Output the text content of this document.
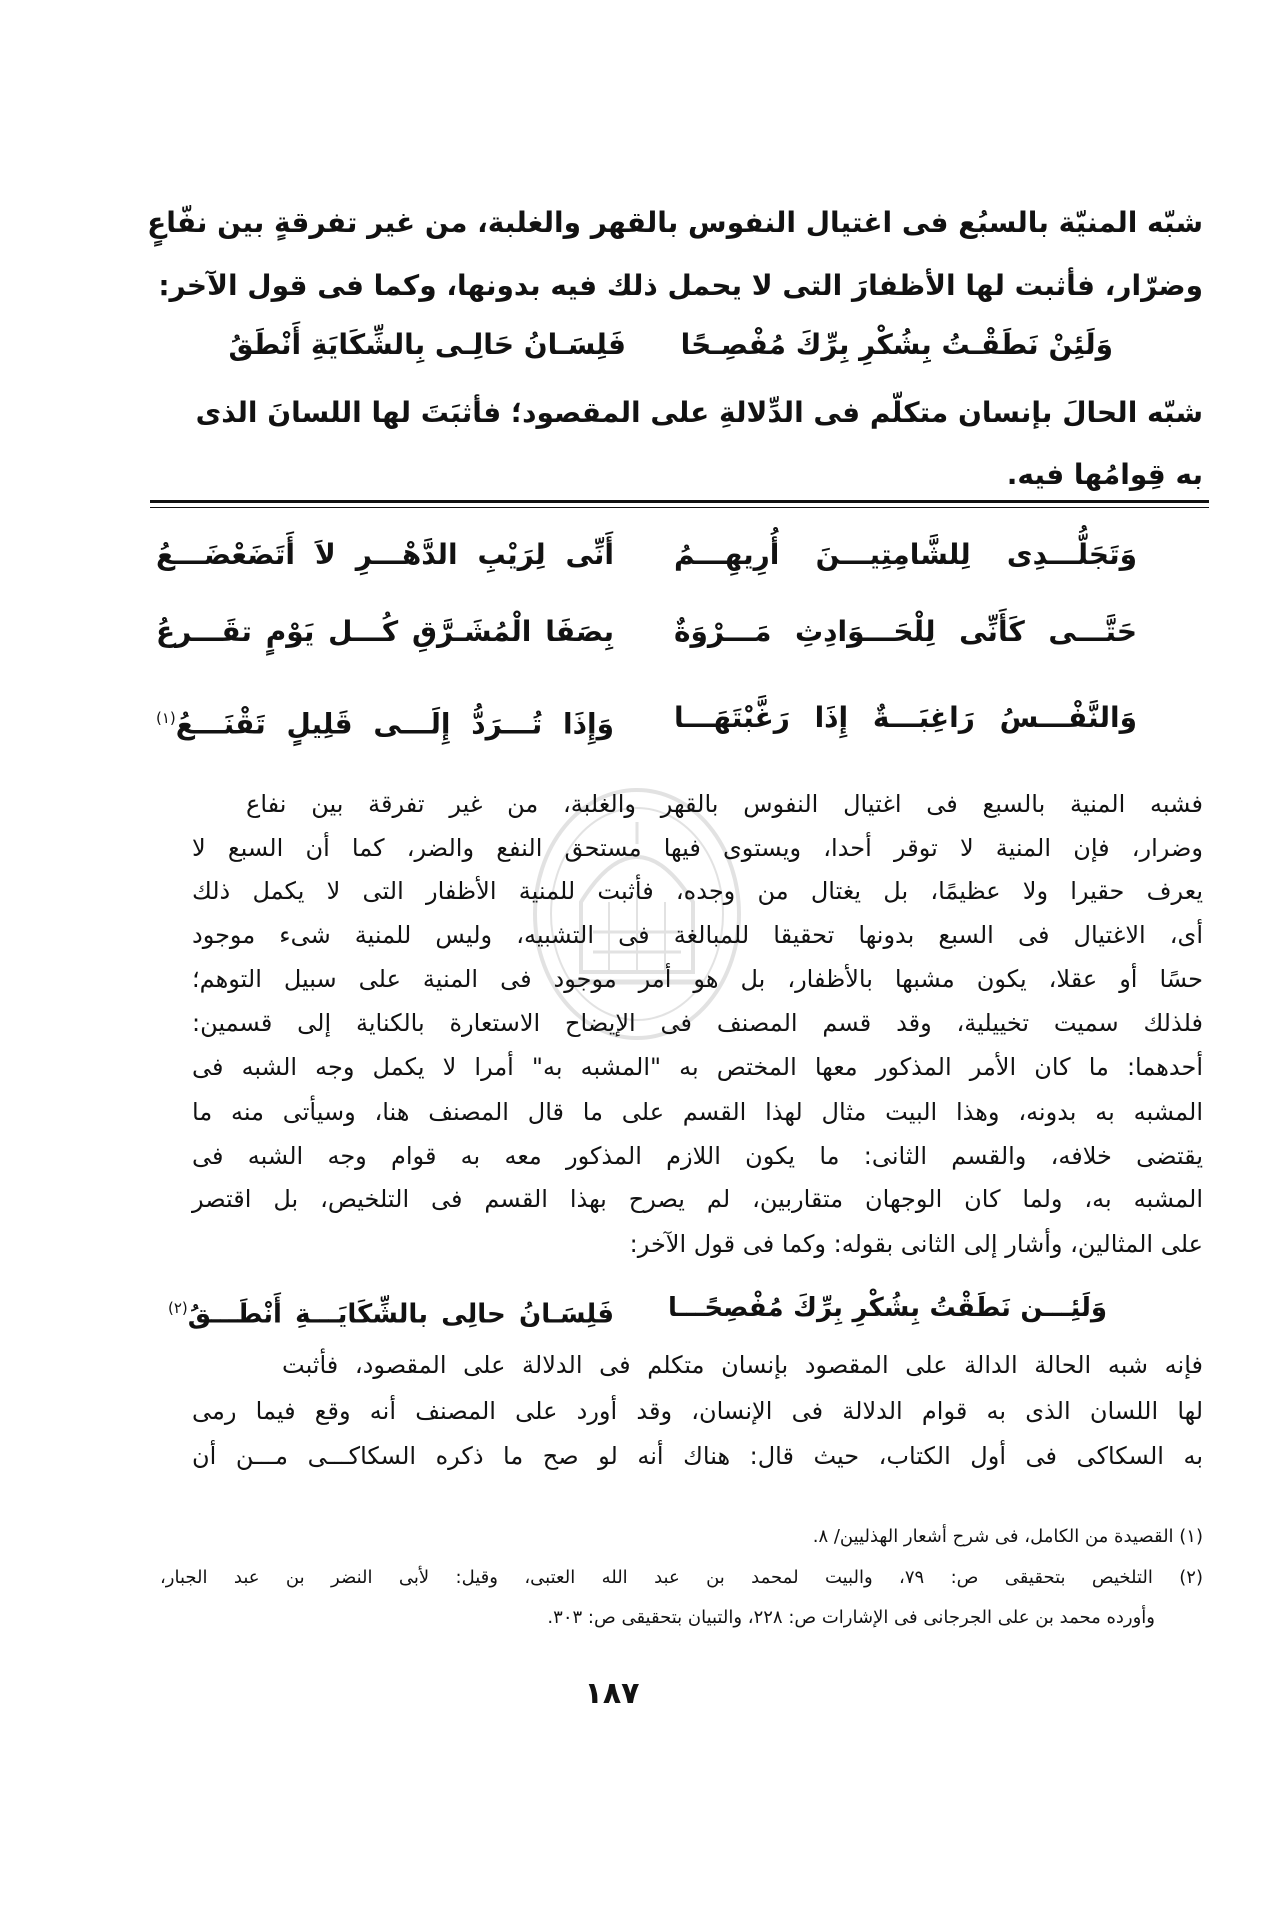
شبّه المنيّة بالسبُع فى اغتيال النفوس بالقهر والغلبة، من غير تفرقةٍ بين نفّاعٍ
وضرّار، فأثبت لها الأظفارَ التى لا يحمل ذلك فيه بدونها، وكما فى قول الآخر:
وَلَئِنْ نَطَقْـتُ بِشُكْرِ بِرِّكَ مُفْصِـحًا
فَلِسَـانُ حَالِـى بِالشِّكَايَةِ أَنْطَقُ
شبّه الحالَ بإنسان متكلّم فى الدِّلالةِ على المقصود؛ فأثبَتَ لها اللسانَ الذى
به قِوامُها فيه.
وَتَجَلُّـــدِى لِلشَّامِتِيـــنَ أُرِيهِـــمُ
أَنِّى لِرَيْبِ الدَّهْـــرِ لاَ أَتَضَعْضَـــعُ
حَتَّـــى كَأَنِّى لِلْحَـــوَادِثِ مَـــرْوَةٌ
بِصَفَا الْمُشَـرَّقِ كُـــل يَوْمٍ تقَـــرعُ
وَالنَّفْـــسُ رَاغِبَـــةٌ إِذَا رَغَّبْتَهَـــا
وَإِذَا تُـــرَدُّ إِلَـــى قَلِيلٍ تَقْنَـــعُ$^{(١)}$
فشبه المنية بالسبع فى اغتيال النفوس بالقهر والغلبة، من غير تفرقة بين نفاع
وضرار، فإن المنية لا توقر أحدا، ويستوى فيها مستحق النفع والضر، كما أن السبع لا
يعرف حقيرا ولا عظيمًا، بل يغتال من وجده، فأثبت للمنية الأظفار التى لا يكمل ذلك
أى، الاغتيال فى السبع بدونها تحقيقا للمبالغة فى التشبيه، وليس للمنية شىء موجود
حسًا أو عقلا، يكون مشبها بالأظفار، بل هو أمر موجود فى المنية على سبيل التوهم؛
فلذلك سميت تخييلية، وقد قسم المصنف فى الإيضاح الاستعارة بالكناية إلى قسمين:
أحدهما: ما كان الأمر المذكور معها المختص به "المشبه به" أمرا لا يكمل وجه الشبه فى
المشبه به بدونه، وهذا البيت مثال لهذا القسم على ما قال المصنف هنا، وسيأتى منه ما
يقتضى خلافه، والقسم الثانى: ما يكون اللازم المذكور معه به قوام وجه الشبه فى
المشبه به، ولما كان الوجهان متقاربين، لم يصرح بهذا القسم فى التلخيص، بل اقتصر
على المثالين، وأشار إلى الثانى بقوله: وكما فى قول الآخر:
وَلَئِـــن نَطَقْتُ بِشُكْرِ بِرِّكَ مُفْصِحًـــا
فَلِسَـانُ حالِى بالشِّكَايَـــةِ أَنْطَـــقُ$^{(٢)}$
فإنه شبه الحالة الدالة على المقصود بإنسان متكلم فى الدلالة على المقصود، فأثبت
لها اللسان الذى به قوام الدلالة فى الإنسان، وقد أورد على المصنف أنه وقع فيما رمى
به السكاكى فى أول الكتاب، حيث قال: هناك أنه لو صح ما ذكره السكاكـــى مـــن أن
(١) القصيدة من الكامل، فى شرح أشعار الهذليين/ ٨.
(٢) التلخيص بتحقيقى ص: ٧٩، والبيت لمحمد بن عبد الله العتبى، وقيل: لأبى النضر بن عبد الجبار،
وأورده محمد بن على الجرجانى فى الإشارات ص: ٢٢٨، والتبيان بتحقيقى ص: ٣٠٣.
١٨٧
